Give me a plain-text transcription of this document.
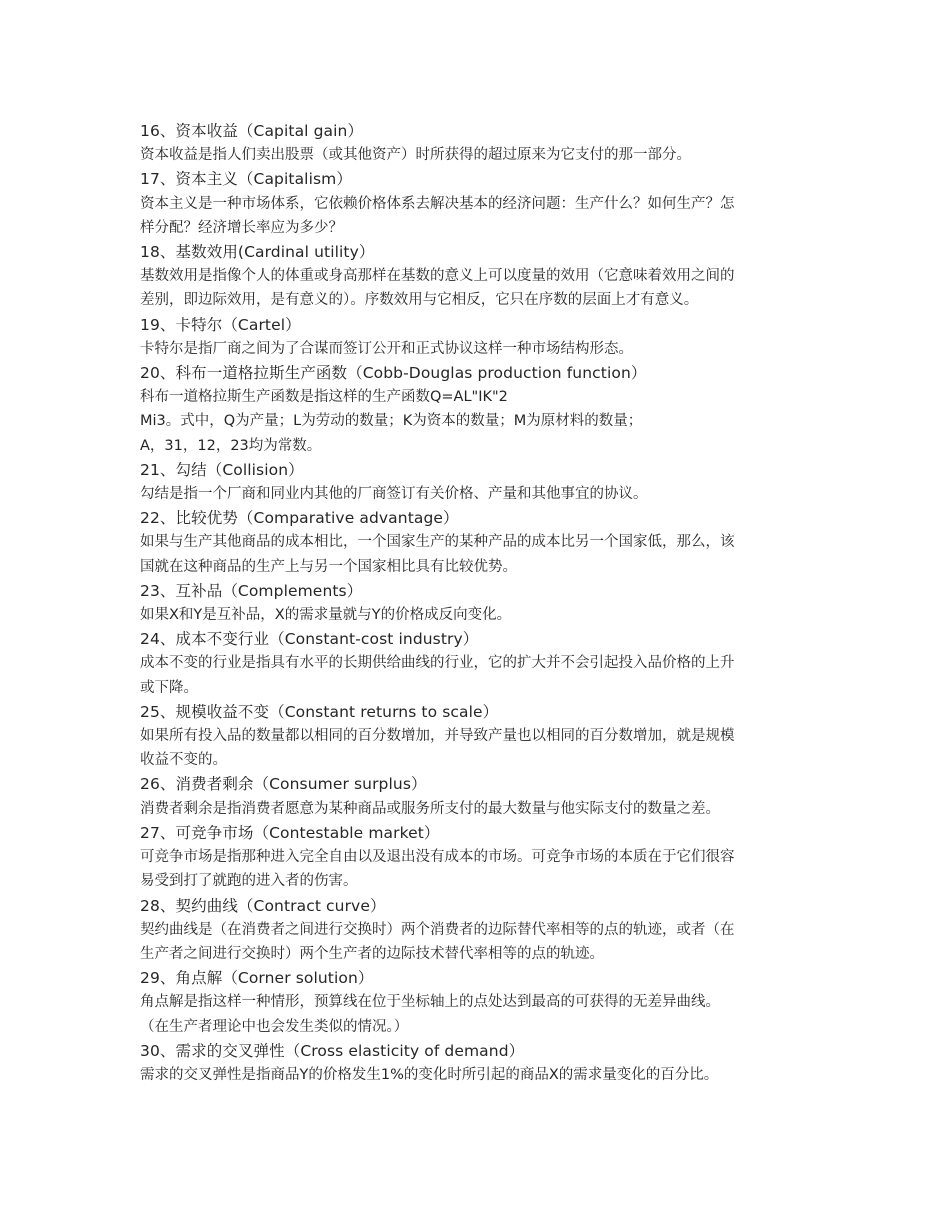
16、资本收益（Capital gain）

资本收益是指人们卖出股票（或其他资产）时所获得的超过原来为它支付的那一部分。

17、资本主义（Capitalism）

资本主义是一种市场体系，它依赖价格体系去解决基本的经济问题：生产什么？如何生产？怎

样分配？经济增长率应为多少？

18、基数效用(Cardinal utility）

基数效用是指像个人的体重或身高那样在基数的意义上可以度量的效用（它意味着效用之间的

差别，即边际效用，是有意义的）。序数效用与它相反，它只在序数的层面上才有意义。

19、卡特尔（Cartel）

卡特尔是指厂商之间为了合谋而签订公开和正式协议这样一种市场结构形态。

20、科布一道格拉斯生产函数（Cobb-Douglas production function）

科布一道格拉斯生产函数是指这样的生产函数Q=AL"IK"2

Mi3。式中，Q为产量；L为劳动的数量；K为资本的数量；M为原材料的数量；

A，31，12，23均为常数。

21、勾结（Collision）

勾结是指一个厂商和同业内其他的厂商签订有关价格、产量和其他事宜的协议。

22、比较优势（Comparative advantage）

如果与生产其他商品的成本相比，一个国家生产的某种产品的成本比另一个国家低，那么，该

国就在这种商品的生产上与另一个国家相比具有比较优势。

23、互补品（Complements）

如果X和Y是互补品，X的需求量就与Y的价格成反向变化。

24、成本不变行业（Constant-cost industry）

成本不变的行业是指具有水平的长期供给曲线的行业，它的扩大并不会引起投入品价格的上升

或下降。

25、规模收益不变（Constant returns to scale）

如果所有投入品的数量都以相同的百分数增加，并导致产量也以相同的百分数增加，就是规模

收益不变的。

26、消费者剩余（Consumer surplus）

消费者剩余是指消费者愿意为某种商品或服务所支付的最大数量与他实际支付的数量之差。

27、可竞争市场（Contestable market）

可竞争市场是指那种进入完全自由以及退出没有成本的市场。可竞争市场的本质在于它们很容

易受到打了就跑的进入者的伤害。

28、契约曲线（Contract curve）

契约曲线是（在消费者之间进行交换时）两个消费者的边际替代率相等的点的轨迹，或者（在

生产者之间进行交换时）两个生产者的边际技术替代率相等的点的轨迹。

29、角点解（Corner solution）

角点解是指这样一种情形，预算线在位于坐标轴上的点处达到最高的可获得的无差异曲线。

（在生产者理论中也会发生类似的情况。）

30、需求的交叉弹性（Cross elasticity of demand）

需求的交叉弹性是指商品Y的价格发生1%的变化时所引起的商品X的需求量变化的百分比。
